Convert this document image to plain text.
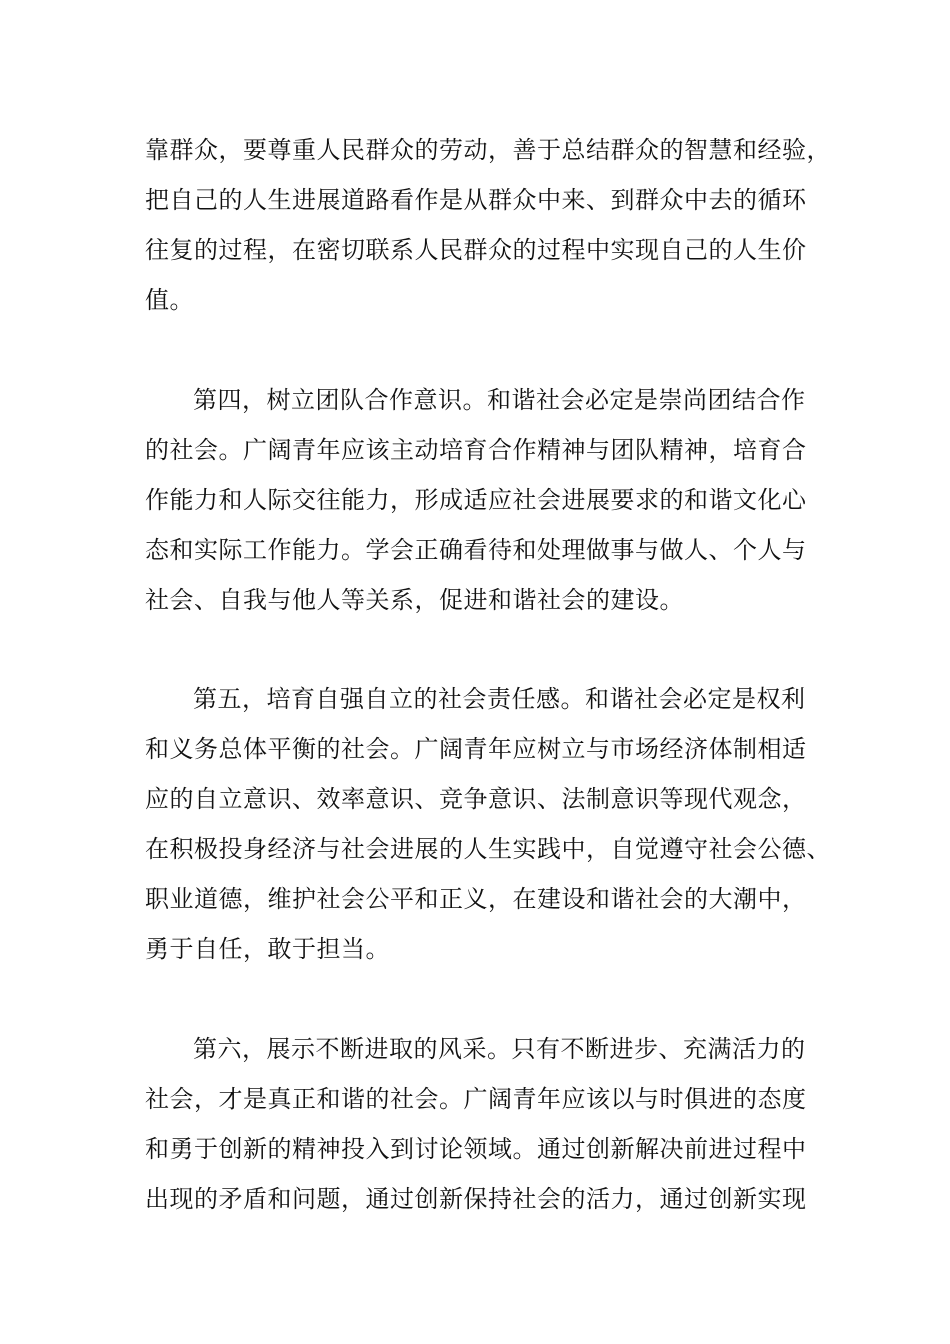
靠群众，要尊重人民群众的劳动，善于总结群众的智慧和经验，
把自己的人生进展道路看作是从群众中来、到群众中去的循环
往复的过程，在密切联系人民群众的过程中实现自己的人生价
值。
第四，树立团队合作意识。和谐社会必定是崇尚团结合作
的社会。广阔青年应该主动培育合作精神与团队精神，培育合
作能力和人际交往能力，形成适应社会进展要求的和谐文化心
态和实际工作能力。学会正确看待和处理做事与做人、个人与
社会、自我与他人等关系，促进和谐社会的建设。
第五，培育自强自立的社会责任感。和谐社会必定是权利
和义务总体平衡的社会。广阔青年应树立与市场经济体制相适
应的自立意识、效率意识、竞争意识、法制意识等现代观念，
在积极投身经济与社会进展的人生实践中，自觉遵守社会公德、
职业道德，维护社会公平和正义，在建设和谐社会的大潮中，
勇于自任，敢于担当。
第六，展示不断进取的风采。只有不断进步、充满活力的
社会，才是真正和谐的社会。广阔青年应该以与时俱进的态度
和勇于创新的精神投入到讨论领域。通过创新解决前进过程中
出现的矛盾和问题，通过创新保持社会的活力，通过创新实现
